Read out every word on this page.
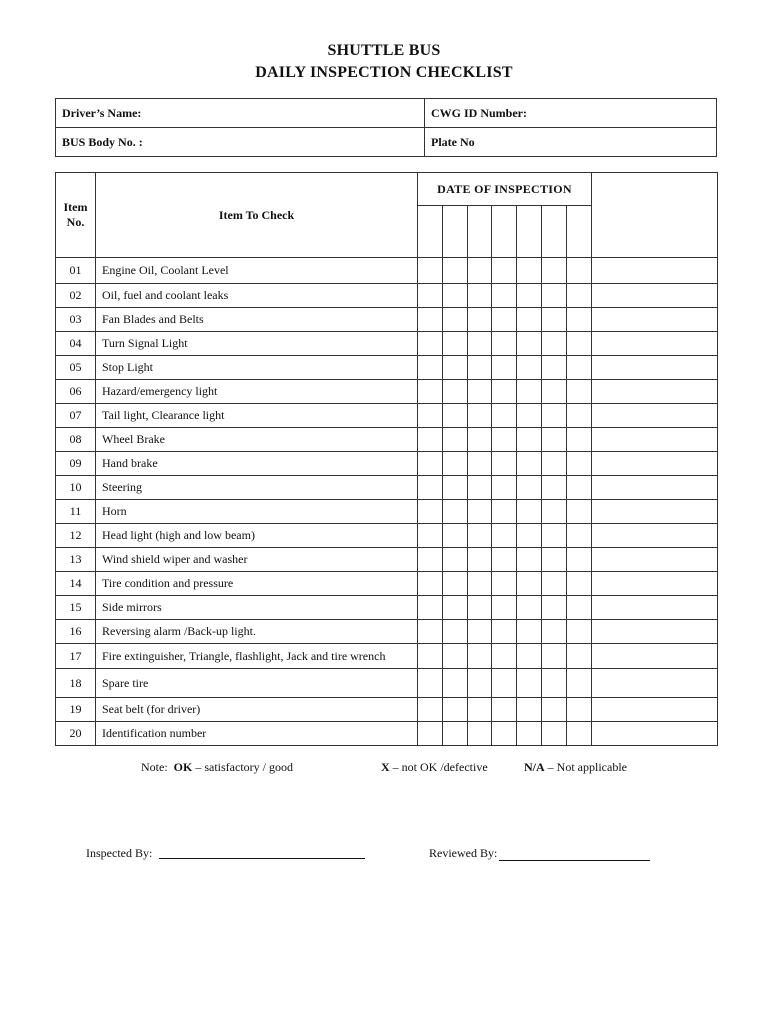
SHUTTLE BUS
DAILY INSPECTION CHECKLIST
Driver’s Name:	CWG ID Number:
BUS Body No. :	Plate No
Item No.	Item To Check	DATE OF INSPECTION							

01	Engine Oil, Coolant Level								
02	Oil, fuel and coolant leaks								
03	Fan Blades and Belts								
04	Turn Signal Light								
05	Stop Light								
06	Hazard/emergency light								
07	Tail light, Clearance light								
08	Wheel Brake								
09	Hand brake								
10	Steering								
11	Horn								
12	Head light (high and low beam)								
13	Wind shield wiper and washer								
14	Tire condition and pressure								
15	Side mirrors								
16	Reversing alarm /Back-up light.								
17	Fire extinguisher, Triangle, flashlight, Jack and tire wrench								
18	Spare tire								
19	Seat belt (for driver)								
20	Identification number								
Note: OK – satisfactory / good	X – not OK /defective	N/A – Not applicable
Inspected By:	Reviewed By:
